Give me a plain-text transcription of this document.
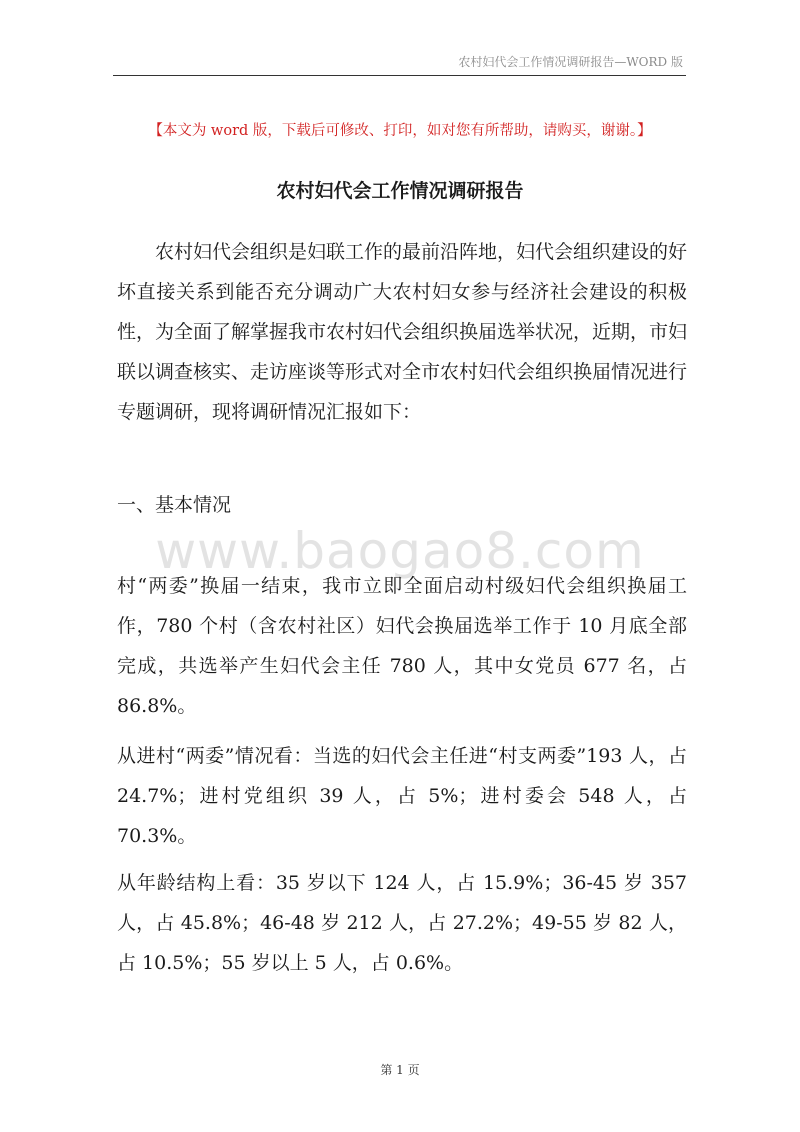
农村妇代会工作情况调研报告—WORD 版
【本文为 word 版，下载后可修改、打印，如对您有所帮助，请购买，谢谢。】
农村妇代会工作情况调研报告
农村妇代会组织是妇联工作的最前沿阵地，妇代会组织建设的好坏直接关系到能否充分调动广大农村妇女参与经济社会建设的积极性，为全面了解掌握我市农村妇代会组织换届选举状况，近期，市妇联以调查核实、走访座谈等形式对全市农村妇代会组织换届情况进行专题调研，现将调研情况汇报如下：
一、基本情况
www.baogao8.com
村“两委”换届一结束，我市立即全面启动村级妇代会组织换届工作，780 个村（含农村社区）妇代会换届选举工作于 10 月底全部完成，共选举产生妇代会主任 780 人，其中女党员 677 名，占 86.8%。
从进村“两委”情况看：当选的妇代会主任进“村支两委”193 人，占 24.7%；进村党组织 39 人，占 5%；进村委会 548 人，占 70.3%。
从年龄结构上看：35 岁以下 124 人，占 15.9%；36-45 岁 357 人，占 45.8%；46-48 岁 212 人，占 27.2%；49-55 岁 82 人，占 10.5%；55 岁以上 5 人，占 0.6%。
第 1 页
